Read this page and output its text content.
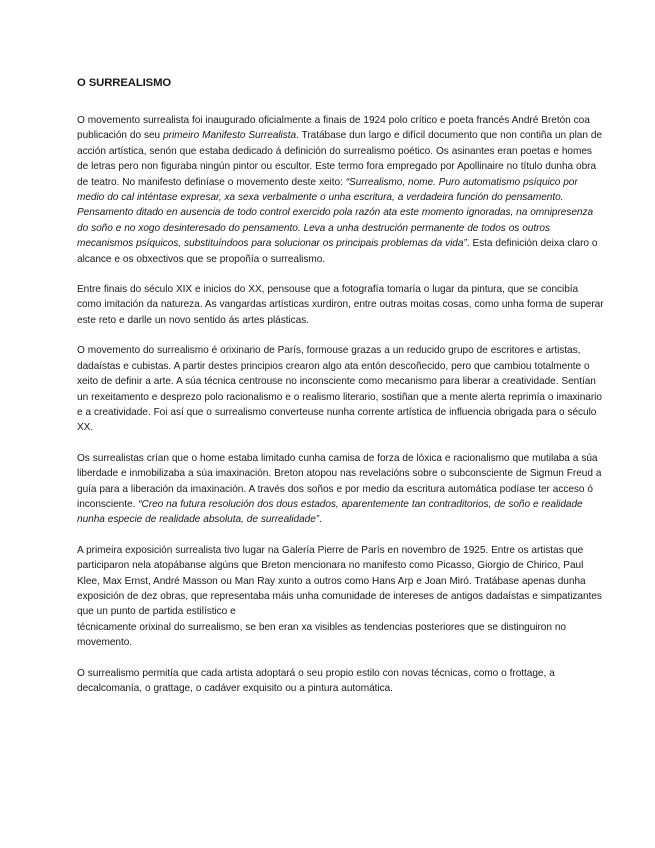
O SURREALISMO

O movemento surrealista foi inaugurado oficialmente a finais de 1924 polo crítico e poeta francés André Bretón coa publicación do seu primeiro Manifesto Surrealista. Tratábase dun largo e difícil documento que non contiña un plan de acción artística, senón que estaba dedicado á definición do surrealismo poético. Os asinantes eran poetas e homes de letras pero non figuraba ningún pintor ou escultor. Este termo fora empregado por Apollinaire no título dunha obra de teatro. No manifesto definíase o movemento deste xeito: “Surrealismo, nome. Puro automatismo psíquico por medio do cal inténtase expresar, xa sexa verbalmente o unha escritura, a verdadeira función do pensamento. Pensamento ditado en ausencia de todo control exercido pola razón ata este momento ignoradas, na omnipresenza do soño e no xogo desinteresado do pensamento. Leva a unha destrución permanente de todos os outros mecanismos psíquicos, substituíndoos para solucionar os principais problemas da vida”. Esta definición deixa claro o alcance e os obxectivos que se propoñía o surrealismo.

Entre finais do século XIX e inicios do XX, pensouse que a fotografía tomaría o lugar da pintura, que se concibía como imitación da natureza. As vangardas artísticas xurdiron, entre outras moitas cosas, como unha forma de superar este reto e darlle un novo sentido ás artes plásticas.

O movemento do surrealismo é orixinario de París, formouse grazas a un reducido grupo de escritores e artistas, dadaístas e cubistas. A partir destes principios crearon algo ata entón descoñecido, pero que cambiou totalmente o xeito de definir a arte. A súa técnica centrouse no inconsciente como mecanismo para liberar a creatividade. Sentían un rexeitamento e desprezo polo racionalismo e o realismo literario, sostiñan que a mente alerta reprimía o imaxinario e a creatividade. Foi así que o surrealismo converteuse nunha corrente artística de influencia obrigada para o século XX.

Os surrealistas crían que o home estaba limitado cunha camisa de forza de lóxica e racionalismo que mutilaba a súa liberdade e inmobilizaba a súa imaxinación. Breton atopou nas revelacións sobre o subconsciente de Sigmun Freud a guía para a liberación da imaxinación. A través dos soños e por medio da escritura automática podíase ter acceso ó inconsciente. “Creo na futura resolución dos dous estados, aparentemente tan contraditorios, de soño e realidade nunha especie de realidade absoluta, de surrealidade”.

A primeira exposición surrealista tivo lugar na Galería Pierre de París en novembro de 1925. Entre os artistas que participaron nela atopábanse algúns que Breton mencionara no manifesto como Picasso, Giorgio de Chirico, Paul Klee, Max Ernst, André Masson ou Man Ray xunto a outros como Hans Arp e Joan Miró. Tratábase apenas dunha exposición de dez obras, que representaba máis unha comunidade de intereses de antigos dadaístas e simpatizantes que un punto de partida estilístico e
técnicamente orixinal do surrealismo, se ben eran xa visibles as tendencias posteriores que se distinguiron no movemento.

O surrealismo permitía que cada artista adoptará o seu propio estilo con novas técnicas, como o frottage, a decalcomanía, o grattage, o cadáver exquisito ou a pintura automática.
